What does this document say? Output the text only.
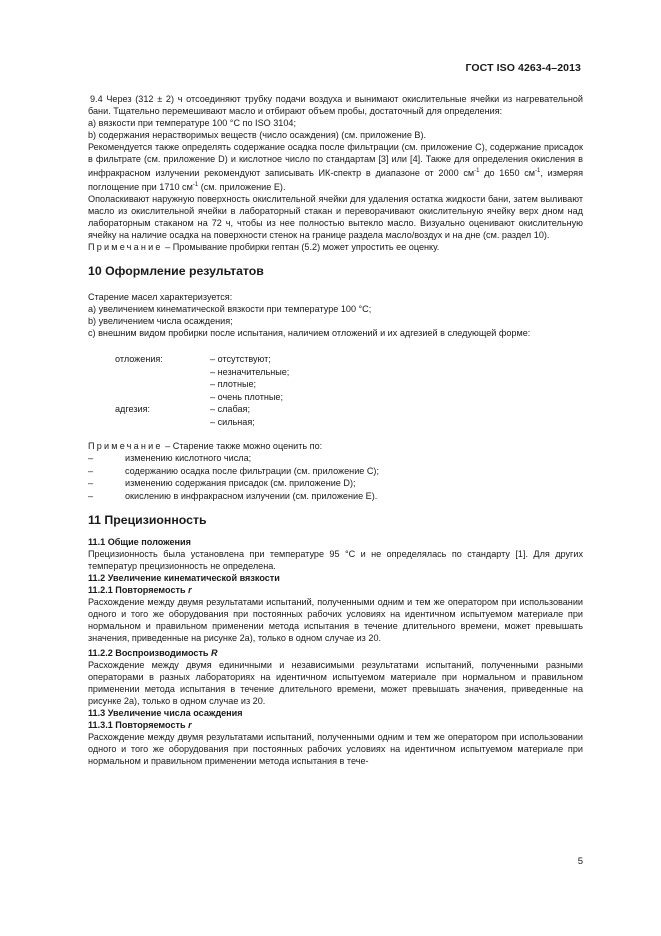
ГОСТ ISO 4263-4–2013

9.4 Через (312 ± 2) ч отсоединяют трубку подачи воздуха и вынимают окислительные ячейки из нагревательной бани. Тщательно перемешивают масло и отбирают объем пробы, достаточный для определения:

a) вязкости при температуре 100 °С по ISO 3104;

b) содержания нерастворимых веществ (число осаждения) (см. приложение В).

Рекомендуется также определять содержание осадка после фильтрации (см. приложение С), содержание присадок в фильтрате (см. приложение D) и кислотное число по стандартам [3] или [4]. Также для определения окисления в инфракрасном излучении рекомендуют записывать ИК-спектр в диапазоне от 2000 $см^{-1}$ до 1650 $см^{-1}$, измеряя поглощение при 1710 $см^{-1}$ (см. приложение Е).

Ополаскивают наружную поверхность окислительной ячейки для удаления остатка жидкости бани, затем выливают масло из окислительной ячейки в лабораторный стакан и переворачивают окислительную ячейку верх дном над лабораторным стаканом на 72 ч, чтобы из нее полностью вытекло масло. Визуально оценивают окислительную ячейку на наличие осадка на поверхности стенок на границе раздела масло/воздух и на дне (см. раздел 10).

Примечание – Промывание пробирки гептан (5.2) может упростить ее оценку.

10 Оформление результатов

Старение масел характеризуется:

a) увеличением кинематической вязкости при температуре 100 °С;

b) увеличением числа осаждения;

c) внешним видом пробирки после испытания, наличием отложений и их адгезией в следующей форме:

отложения:	– отсутствуют;
– незначительные;
– плотные;
– очень плотные;
адгезия:	– слабая;
– сильная;

Примечание – Старение также можно оценить по:

–	изменению кислотного числа;
–	содержанию осадка после фильтрации (см. приложение С);
–	изменению содержания присадок (см. приложение D);
–	окислению в инфракрасном излучении (см. приложение Е).
11 Прецизионность

11.1 Общие положения

Прецизионность была установлена при температуре 95 °С и не определялась по стандарту [1]. Для других температур прецизионность не определена.

11.2 Увеличение кинематической вязкости

11.2.1 Повторяемость r

Расхождение между двумя результатами испытаний, полученными одним и тем же оператором при использовании одного и того же оборудования при постоянных рабочих условиях на идентичном испытуемом материале при нормальном и правильном применении метода испытания в течение длительного времени, может превышать значения, приведенные на рисунке 2а), только в одном случае из 20.

11.2.2 Воспроизводимость R

Расхождение между двумя единичными и независимыми результатами испытаний, полученными разными операторами в разных лабораториях на идентичном испытуемом материале при нормальном и правильном применении метода испытания в течение длительного времени, может превышать значения, приведенные на рисунке 2а), только в одном случае из 20.

11.3 Увеличение числа осаждения

11.3.1 Повторяемость r

Расхождение между двумя результатами испытаний, полученными одним и тем же оператором при использовании одного и того же оборудования при постоянных рабочих условиях на идентичном испытуемом материале при нормальном и правильном применении метода испытания в тече-

5
